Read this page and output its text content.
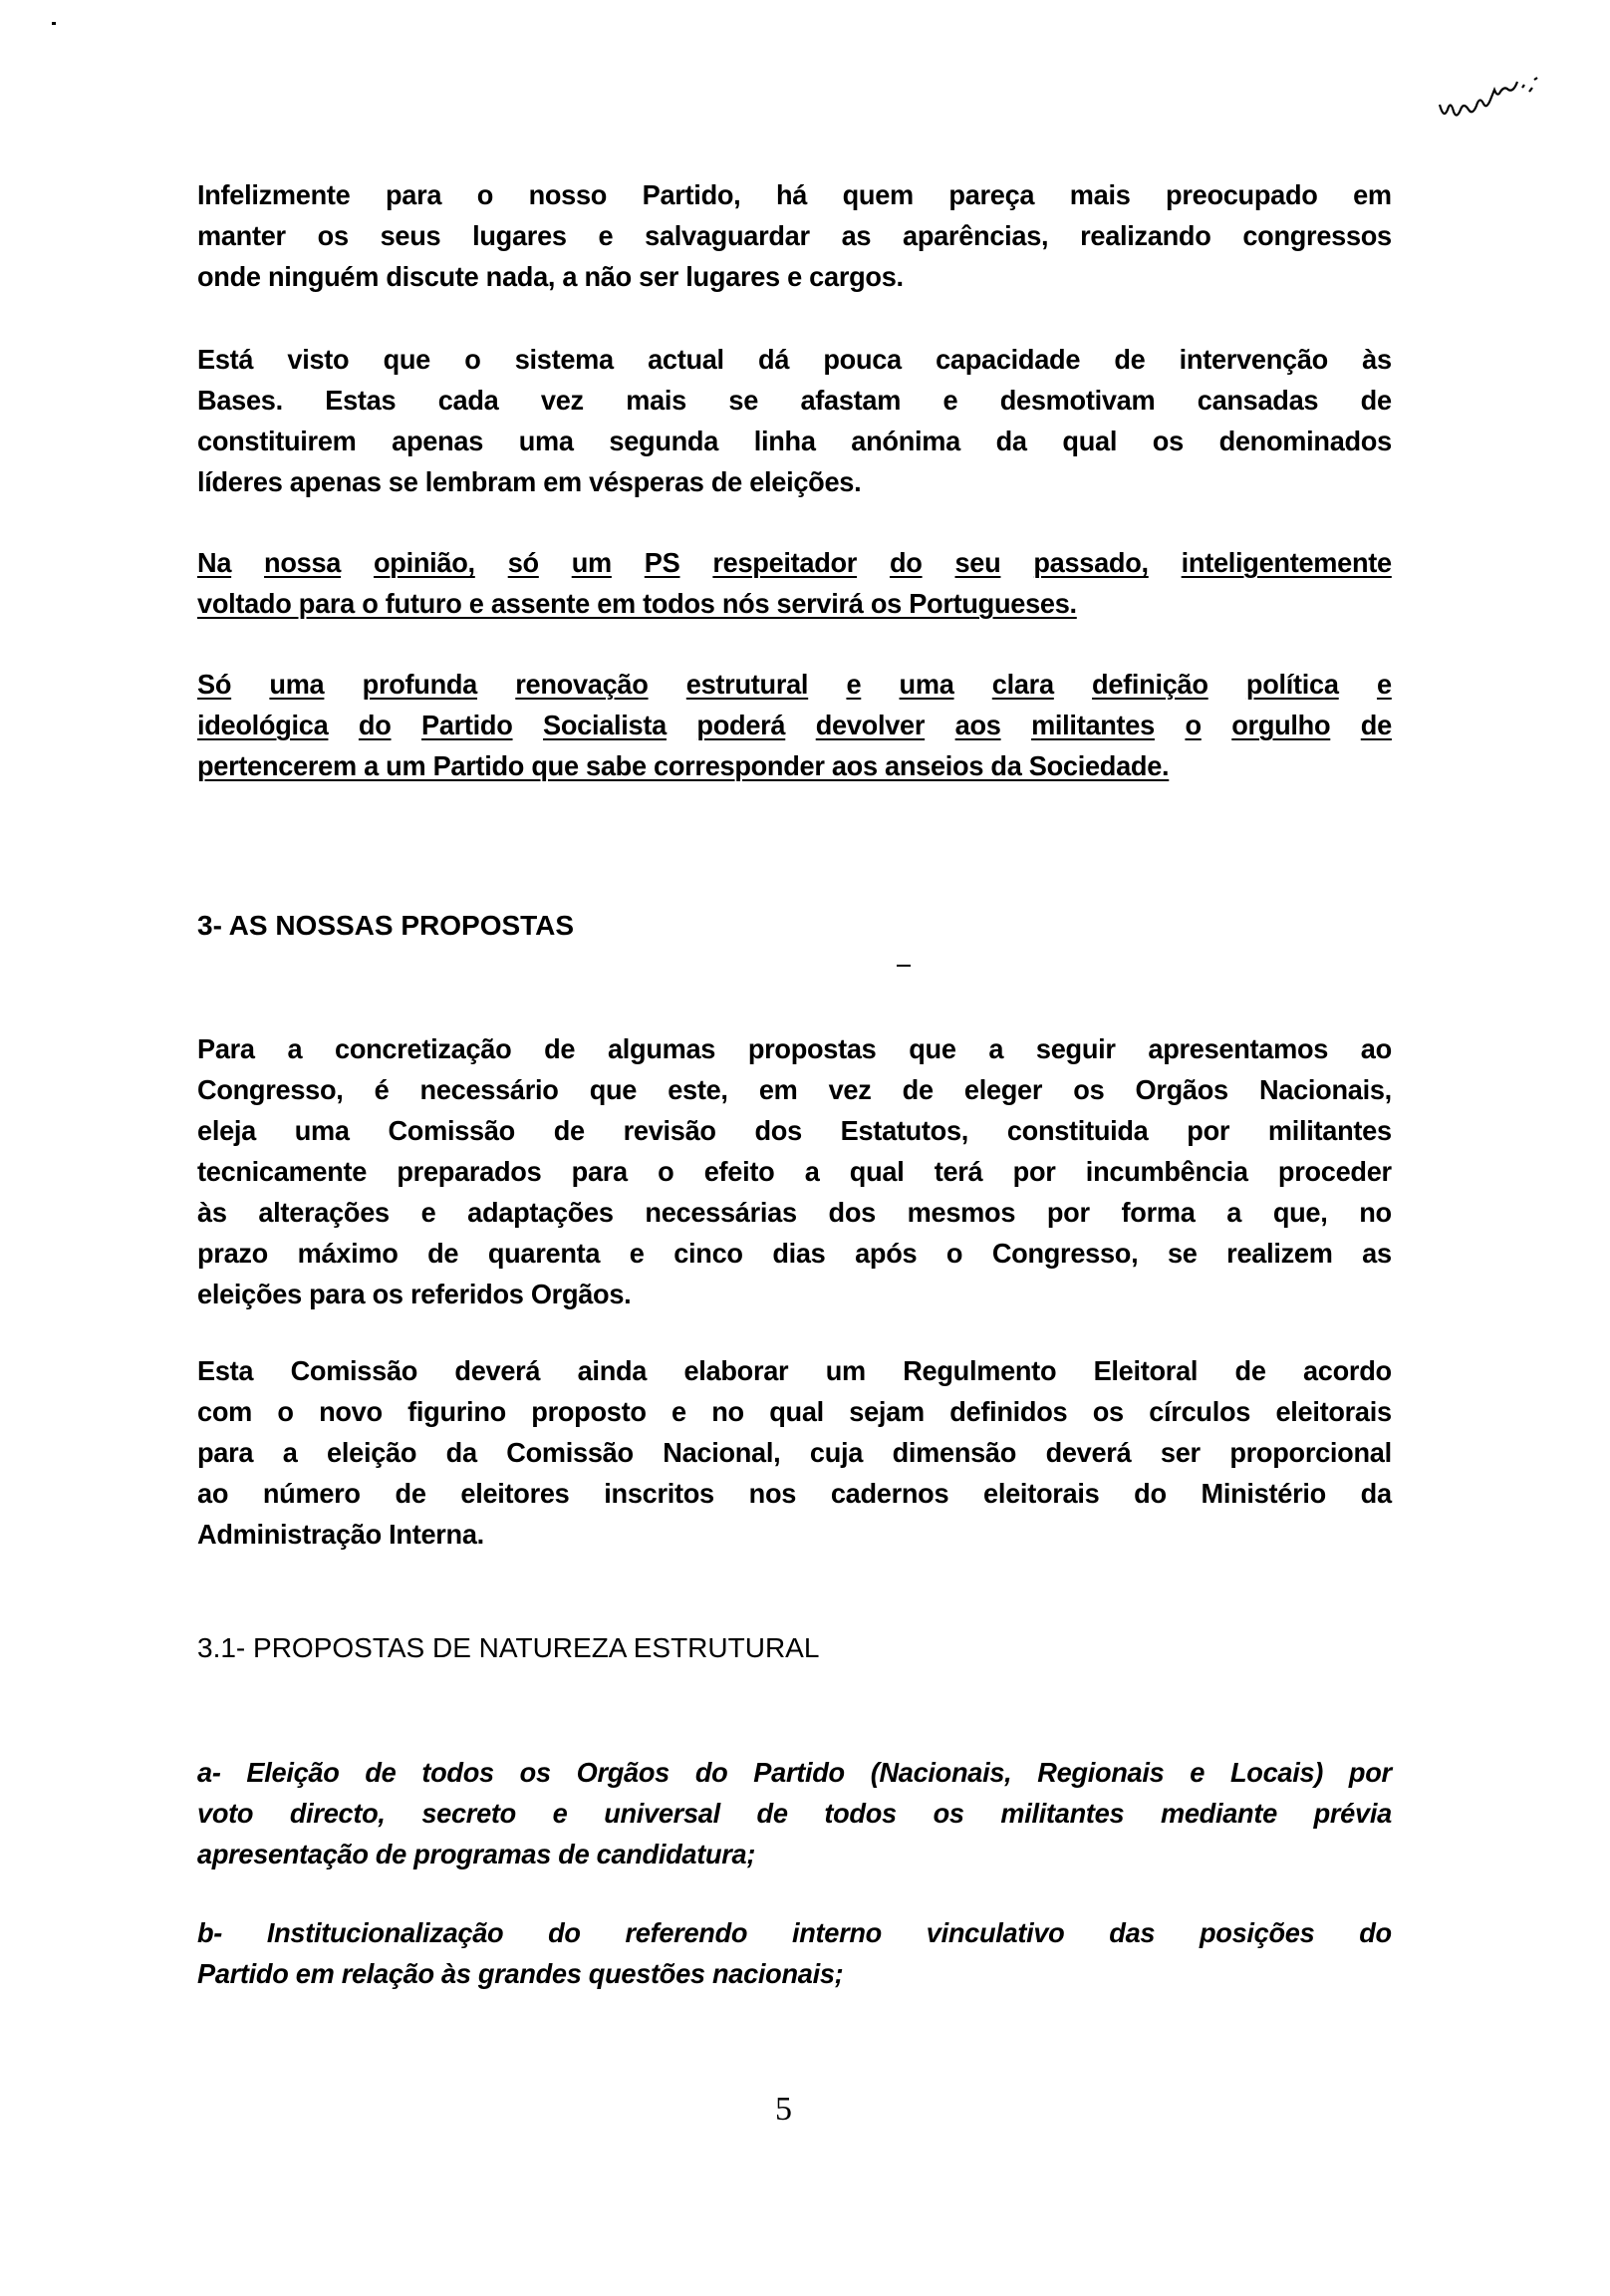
Infelizmente para o nosso Partido, há quem pareça mais preocupado em
manter os seus lugares e salvaguardar as aparências, realizando congressos
onde ninguém discute nada, a não ser lugares e cargos.
Está visto que o sistema actual dá pouca capacidade de intervenção às
Bases. Estas cada vez mais se afastam e desmotivam cansadas de
constituirem apenas uma segunda linha anónima da qual os denominados
líderes apenas se lembram em vésperas de eleições.
Na nossa opinião, só um PS respeitador do seu passado, inteligentemente
voltado para o futuro e assente em todos nós servirá os Portugueses.
Só uma profunda renovação estrutural e uma clara definição política e
ideológica do Partido Socialista poderá devolver aos militantes o orgulho de
pertencerem a um Partido que sabe corresponder aos anseios da Sociedade.
Para a concretização de algumas propostas que a seguir apresentamos ao
Congresso, é necessário que este, em vez de eleger os Orgãos Nacionais,
eleja uma Comissão de revisão dos Estatutos, constituida por militantes
tecnicamente preparados para o efeito a qual terá por incumbência proceder
às alterações e adaptações necessárias dos mesmos por forma a que, no
prazo máximo de quarenta e cinco dias após o Congresso, se realizem as
eleições para os referidos Orgãos.
Esta Comissão deverá ainda elaborar um Regulmento Eleitoral de acordo
com o novo figurino proposto e no qual sejam definidos os círculos eleitorais
para a eleição da Comissão Nacional, cuja dimensão deverá ser proporcional
ao número de eleitores inscritos nos cadernos eleitorais do Ministério da
Administração Interna.
a- Eleição de todos os Orgãos do Partido (Nacionais, Regionais e Locais) por
voto directo, secreto e universal de todos os militantes mediante prévia
apresentação de programas de candidatura;
b- Institucionalização do referendo interno vinculativo das posições do
Partido em relação às grandes questões nacionais;
3- AS NOSSAS PROPOSTAS
3.1- PROPOSTAS DE NATUREZA ESTRUTURAL
5
